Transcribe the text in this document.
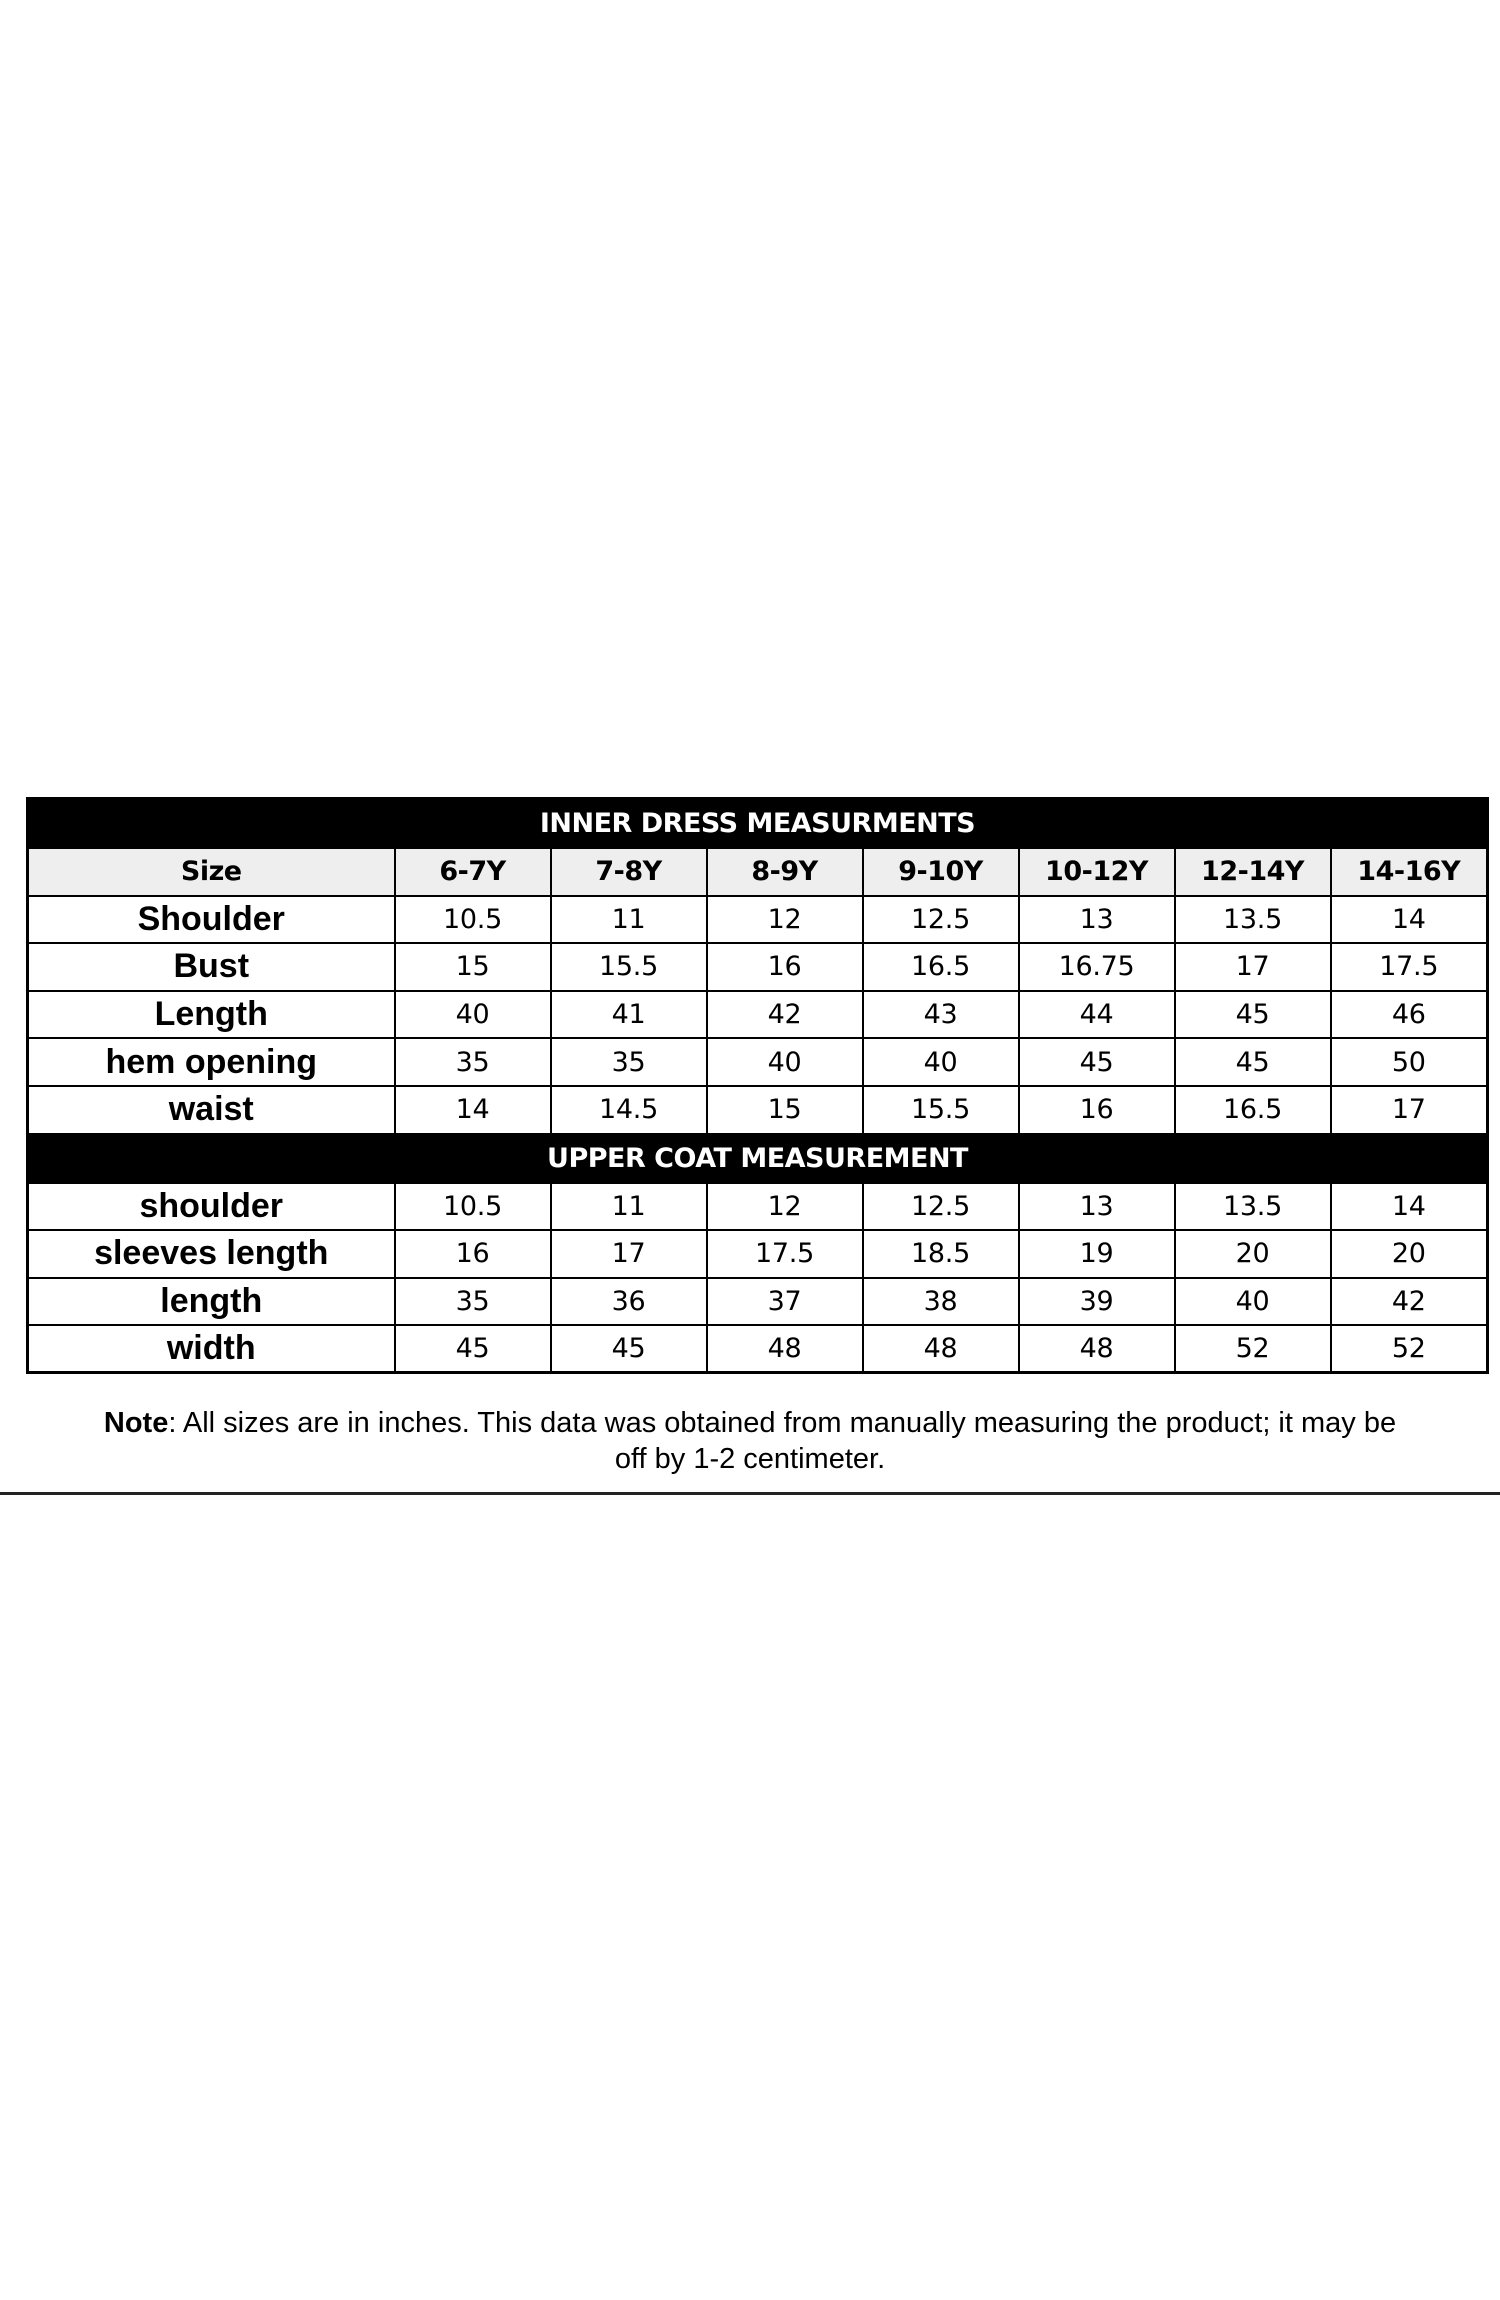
INNER DRESS MEASURMENTS							
Size	6-7Y	7-8Y	8-9Y	9-10Y	10-12Y	12-14Y	14-16Y
Shoulder	10.5	11	12	12.5	13	13.5	14
Bust	15	15.5	16	16.5	16.75	17	17.5
Length	40	41	42	43	44	45	46
hem opening	35	35	40	40	45	45	50
waist	14	14.5	15	15.5	16	16.5	17
UPPER COAT MEASUREMENT							
shoulder	10.5	11	12	12.5	13	13.5	14
sleeves length	16	17	17.5	18.5	19	20	20
length	35	36	37	38	39	40	42
width	45	45	48	48	48	52	52
Note: All sizes are in inches. This data was obtained from manually measuring the product; it may be off by 1-2 centimeter.
